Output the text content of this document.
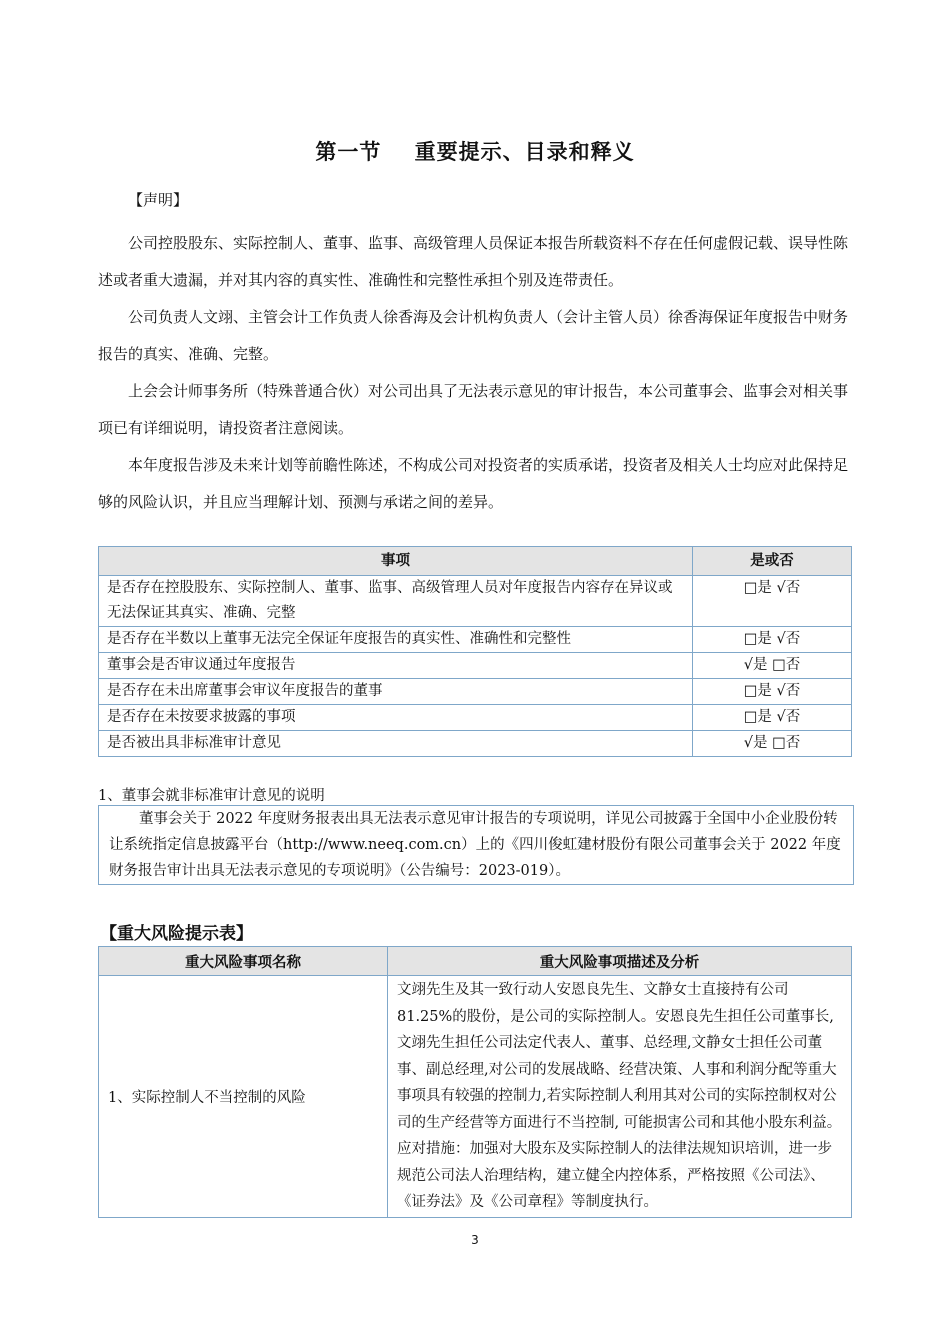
第一节    重要提示、目录和释义
【声明】

公司控股股东、实际控制人、董事、监事、高级管理人员保证本报告所载资料不存在任何虚假记载、误导性陈述或者重大遗漏，并对其内容的真实性、准确性和完整性承担个别及连带责任。

公司负责人文翊、主管会计工作负责人徐香海及会计机构负责人（会计主管人员）徐香海保证年度报告中财务报告的真实、准确、完整。

上会会计师事务所（特殊普通合伙）对公司出具了无法表示意见的审计报告，本公司董事会、监事会对相关事项已有详细说明，请投资者注意阅读。

本年度报告涉及未来计划等前瞻性陈述，不构成公司对投资者的实质承诺，投资者及相关人士均应对此保持足够的风险认识，并且应当理解计划、预测与承诺之间的差异。

事项	是或否
是否存在控股股东、实际控制人、董事、监事、高级管理人员对年度报告内容存在异议或无法保证其真实、准确、完整	□是 √否
是否存在半数以上董事无法完全保证年度报告的真实性、准确性和完整性	□是 √否
董事会是否审议通过年度报告	√是 □否
是否存在未出席董事会审议年度报告的董事	□是 √否
是否存在未按要求披露的事项	□是 √否
是否被出具非标准审计意见	√是 □否
1、董事会就非标准审计意见的说明
董事会关于 2022 年度财务报表出具无法表示意见审计报告的专项说明，详见公司披露于全国中小企业股份转让系统指定信息披露平台（http://www.neeq.com.cn）上的《四川俊虹建材股份有限公司董事会关于 2022 年度财务报告审计出具无法表示意见的专项说明》（公告编号：2023-019）。
【重大风险提示表】
重大风险事项名称	重大风险事项描述及分析
1、实际控制人不当控制的风险	文翊先生及其一致行动人安恩良先生、文静女士直接持有公司 81.25%的股份，是公司的实际控制人。安恩良先生担任公司董事长,文翊先生担任公司法定代表人、董事、总经理,文静女士担任公司董事、副总经理,对公司的发展战略、经营决策、人事和利润分配等重大事项具有较强的控制力,若实际控制人利用其对公司的实际控制权对公司的生产经营等方面进行不当控制, 可能损害公司和其他小股东利益。应对措施：加强对大股东及实际控制人的法律法规知识培训，进一步规范公司法人治理结构，建立健全内控体系，严格按照《公司法》、《证券法》及《公司章程》等制度执行。
3
